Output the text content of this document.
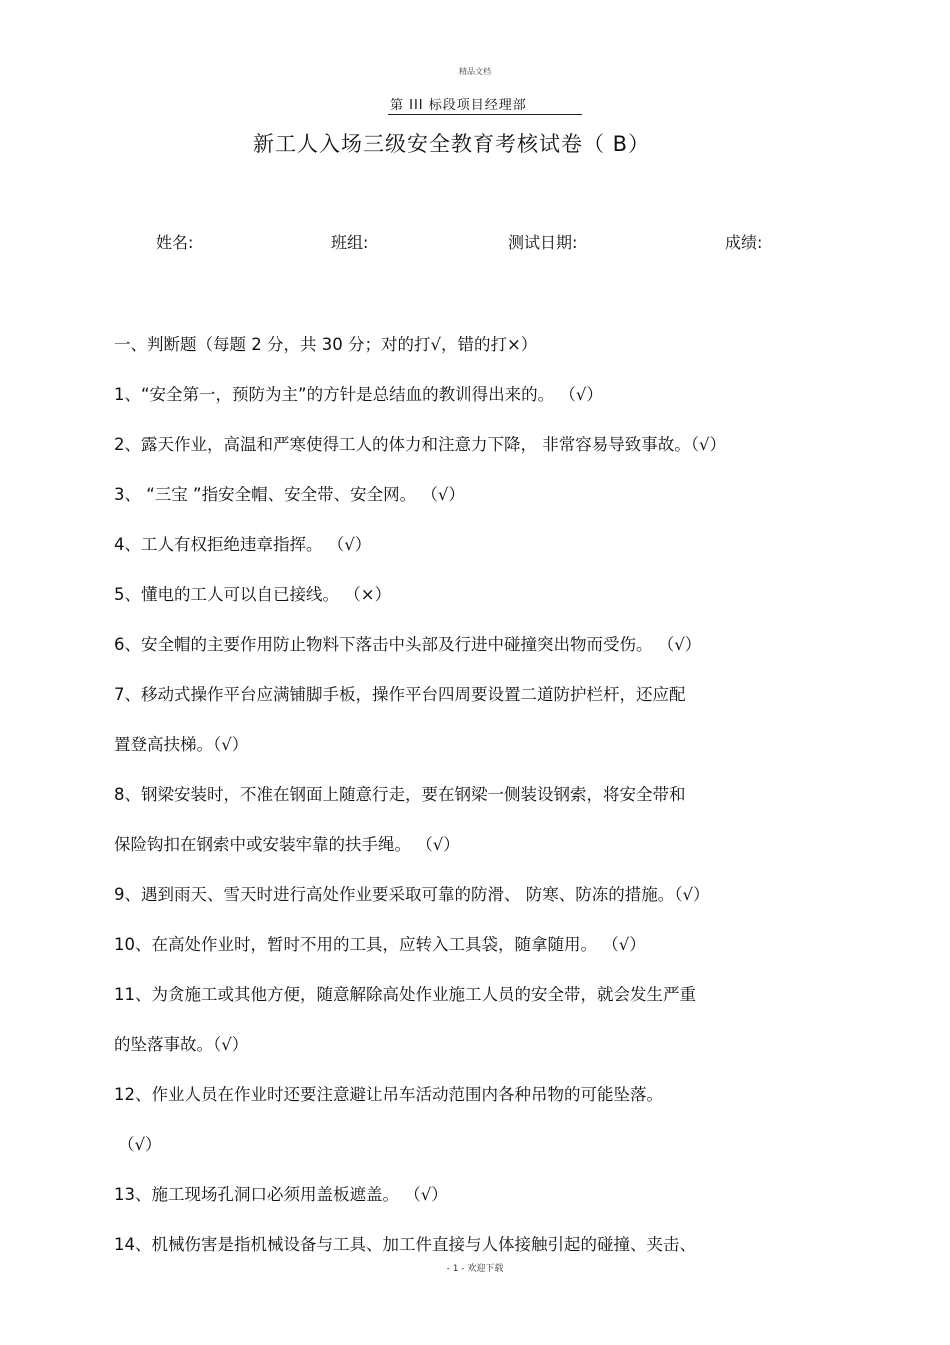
精品文档
第 III 标段项目经理部
新工人入场三级安全教育考核试卷（ B）
姓名:	班组:	测试日期:	成绩:
一、判断题（每题 2 分，共 30 分；对的打√，错的打×）
1、“安全第一，预防为主”的方针是总结血的教训得出来的。 （√）
2、露天作业，高温和严寒使得工人的体力和注意力下降， 非常容易导致事故。（√）
3、 “三宝 ”指安全帽、安全带、安全网。 （√）
4、工人有权拒绝违章指挥。 （√）
5、懂电的工人可以自已接线。 （×）
6、安全帽的主要作用防止物料下落击中头部及行进中碰撞突出物而受伤。 （√）
7、移动式操作平台应满铺脚手板，操作平台四周要设置二道防护栏杆，还应配
置登高扶梯。（√）
8、钢梁安装时，不准在钢面上随意行走，要在钢梁一侧装设钢索，将安全带和
保险钩扣在钢索中或安装牢靠的扶手绳。 （√）
9、遇到雨天、雪天时进行高处作业要采取可靠的防滑、 防寒、防冻的措施。（√）
10、在高处作业时，暂时不用的工具，应转入工具袋，随拿随用。 （√）
11、为贪施工或其他方便，随意解除高处作业施工人员的安全带，就会发生严重
的坠落事故。（√）
12、作业人员在作业时还要注意避让吊车活动范围内各种吊物的可能坠落。
（√）
13、施工现场孔洞口必须用盖板遮盖。 （√）
14、机械伤害是指机械设备与工具、加工件直接与人体接触引起的碰撞、夹击、
- 1 - 欢迎下载
